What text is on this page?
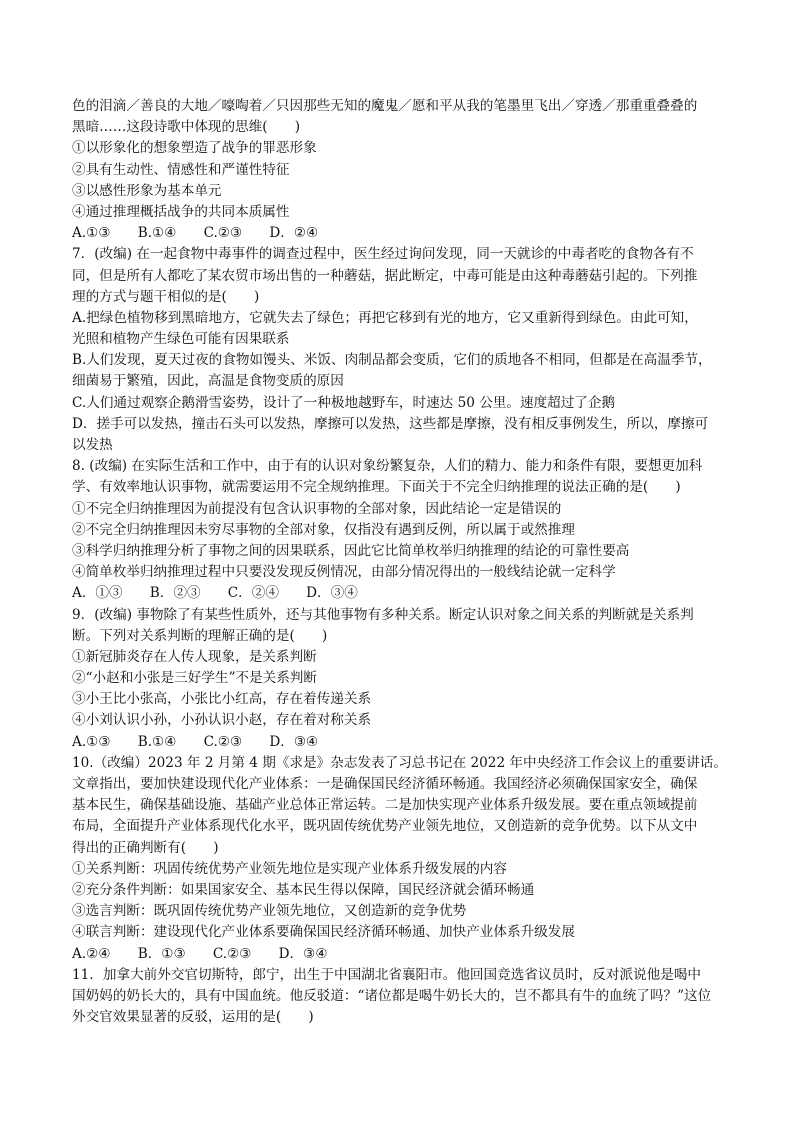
色的泪滴／善良的大地／嚎啕着／只因那些无知的魔鬼／愿和平从我的笔墨里飞出／穿透／那重重叠叠的
黑暗……这段诗歌中体现的思维(　　)
①以形象化的想象塑造了战争的罪恶形象
②具有生动性、情感性和严谨性特征
③以感性形象为基本单元
④通过推理概括战争的共同本质属性
A.①③　　B.①④　　C.②③　　D．②④
7．(改编) 在一起食物中毒事件的调查过程中，医生经过询问发现，同一天就诊的中毒者吃的食物各有不
同，但是所有人都吃了某农贸市场出售的一种蘑菇，据此断定，中毒可能是由这种毒蘑菇引起的。下列推
理的方式与题干相似的是(　　)
A.把绿色植物移到黑暗地方，它就失去了绿色；再把它移到有光的地方，它又重新得到绿色。由此可知，
光照和植物产生绿色可能有因果联系
B.人们发现，夏天过夜的食物如馒头、米饭、肉制品都会变质，它们的质地各不相同，但都是在高温季节，
细菌易于繁殖，因此，高温是食物变质的原因
C.人们通过观察企鹅滑雪姿势，设计了一种极地越野车，时速达 50 公里。速度超过了企鹅
D．搓手可以发热，撞击石头可以发热，摩擦可以发热，这些都是摩擦，没有相反事例发生，所以，摩擦可
以发热
8. (改编) 在实际生活和工作中，由于有的认识对象纷繁复杂，人们的精力、能力和条件有限，要想更加科
学、有效率地认识事物，就需要运用不完全规纳推理。下面关于不完全归纳推理的说法正确的是(　　)
①不完全归纳推理因为前提没有包含认识事物的全部对象，因此结论一定是错误的
②不完全归纳推理因未穷尽事物的全部对象，仅指没有遇到反例，所以属于或然推理
③科学归纳推理分析了事物之间的因果联系，因此它比简单枚举归纳推理的结论的可靠性要高
④简单枚举归纳推理过程中只要没发现反例情况，由部分情况得出的一般线结论就一定科学
A．①③　　B．②③　　C．②④　　D．③④
9．(改编) 事物除了有某些性质外，还与其他事物有多种关系。断定认识对象之间关系的判断就是关系判
断。下列对关系判断的理解正确的是(　　)
①新冠肺炎存在人传人现象，是关系判断
②“小赵和小张是三好学生”不是关系判断
③小王比小张高，小张比小红高，存在着传递关系
④小刘认识小孙，小孙认识小赵，存在着对称关系
A.①③　　B.①④　　C.②③　　D．③④
10.（改编）2023 年 2 月第 4 期《求是》杂志发表了习总书记在 2022 年中央经济工作会议上的重要讲话。
文章指出，要加快建设现代化产业体系：一是确保国民经济循环畅通。我国经济必须确保国家安全，确保
基本民生，确保基础设施、基础产业总体正常运转。二是加快实现产业体系升级发展。要在重点领域提前
布局，全面提升产业体系现代化水平，既巩固传统优势产业领先地位，又创造新的竞争优势。以下从文中
得出的正确判断有(　　)
①关系判断：巩固传统优势产业领先地位是实现产业体系升级发展的内容
②充分条件判断：如果国家安全、基本民生得以保障，国民经济就会循环畅通
③选言判断：既巩固传统优势产业领先地位，又创造新的竞争优势
④联言判断：建设现代化产业体系要确保国民经济循环畅通、加快产业体系升级发展
A.②④　　B．①③　　C.②③　　D．③④
11．加拿大前外交官切斯特，郎宁，出生于中国湖北省襄阳市。他回国竞选省议员时，反对派说他是喝中
国奶妈的奶长大的，具有中国血统。他反驳道：“诸位都是喝牛奶长大的，岂不都具有牛的血统了吗？”这位
外交官效果显著的反驳，运用的是(　　)
